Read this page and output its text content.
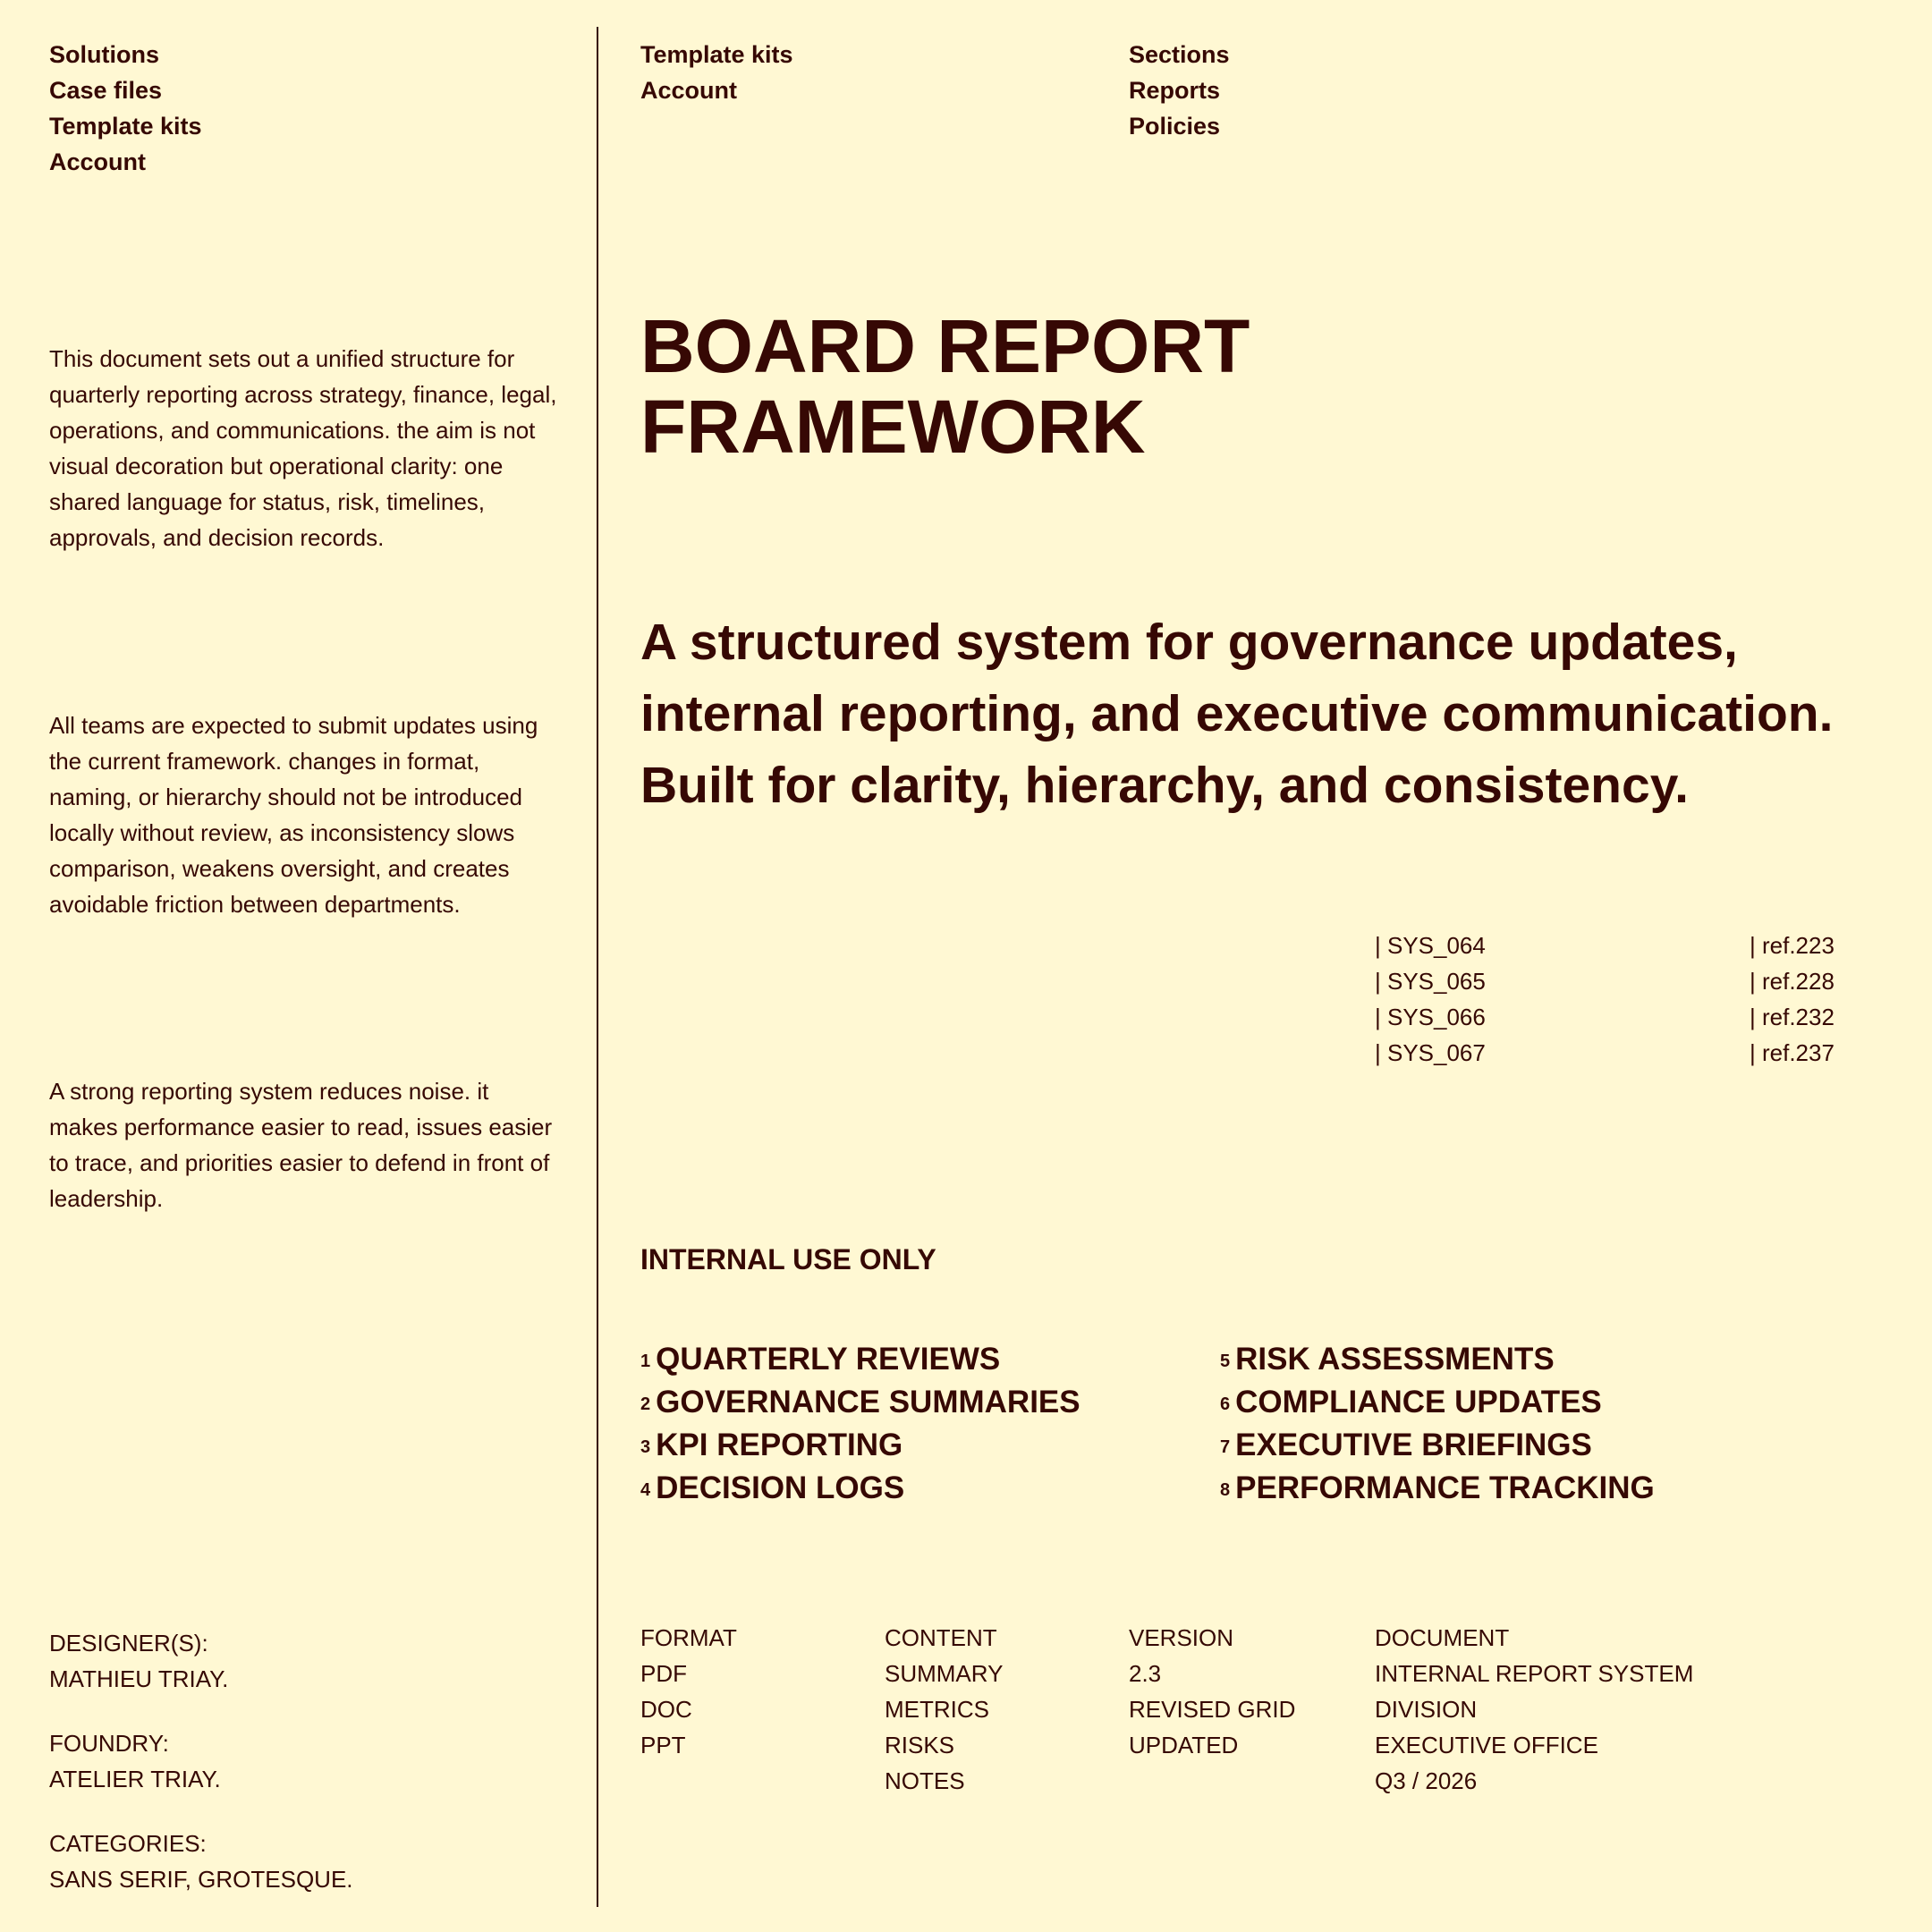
Solutions
Case files
Template kits
Account
Template kits
Account
Sections
Reports
Policies

This document sets out a unified structure for quarterly reporting across strategy, finance, legal, operations, and communications. the aim is not visual decoration but operational clarity: one shared language for status, risk, timelines, approvals, and decision records.

All teams are expected to submit updates using the current framework. changes in format, naming, or hierarchy should not be introduced locally without review, as inconsistency slows comparison, weakens oversight, and creates avoidable friction between departments.

A strong reporting system reduces noise. it makes performance easier to read, issues easier to trace, and priorities easier to defend in front of leadership.

BOARD REPORT
FRAMEWORK

A structured system for governance updates, internal reporting, and executive communication. Built for clarity, hierarchy, and consistency.

| SYS_064
| SYS_065
| SYS_066
| SYS_067
| ref.223
| ref.228
| ref.232
| ref.237
INTERNAL USE ONLY
$^1$ QUARTERLY REVIEWS
$^2$ GOVERNANCE SUMMARIES
$^3$ KPI REPORTING
$^4$ DECISION LOGS
$^5$ RISK ASSESSMENTS
$^6$ COMPLIANCE UPDATES
$^7$ EXECUTIVE BRIEFINGS
$^8$ PERFORMANCE TRACKING
FORMAT
PDF
DOC
PPT
CONTENT
SUMMARY
METRICS
RISKS
NOTES
VERSION
2.3
REVISED GRID
UPDATED
DOCUMENT
INTERNAL REPORT SYSTEM
DIVISION
EXECUTIVE OFFICE
Q3 / 2026
DESIGNER(S):
MATHIEU TRIAY.
FOUNDRY:
ATELIER TRIAY.
CATEGORIES:
SANS SERIF, GROTESQUE.
